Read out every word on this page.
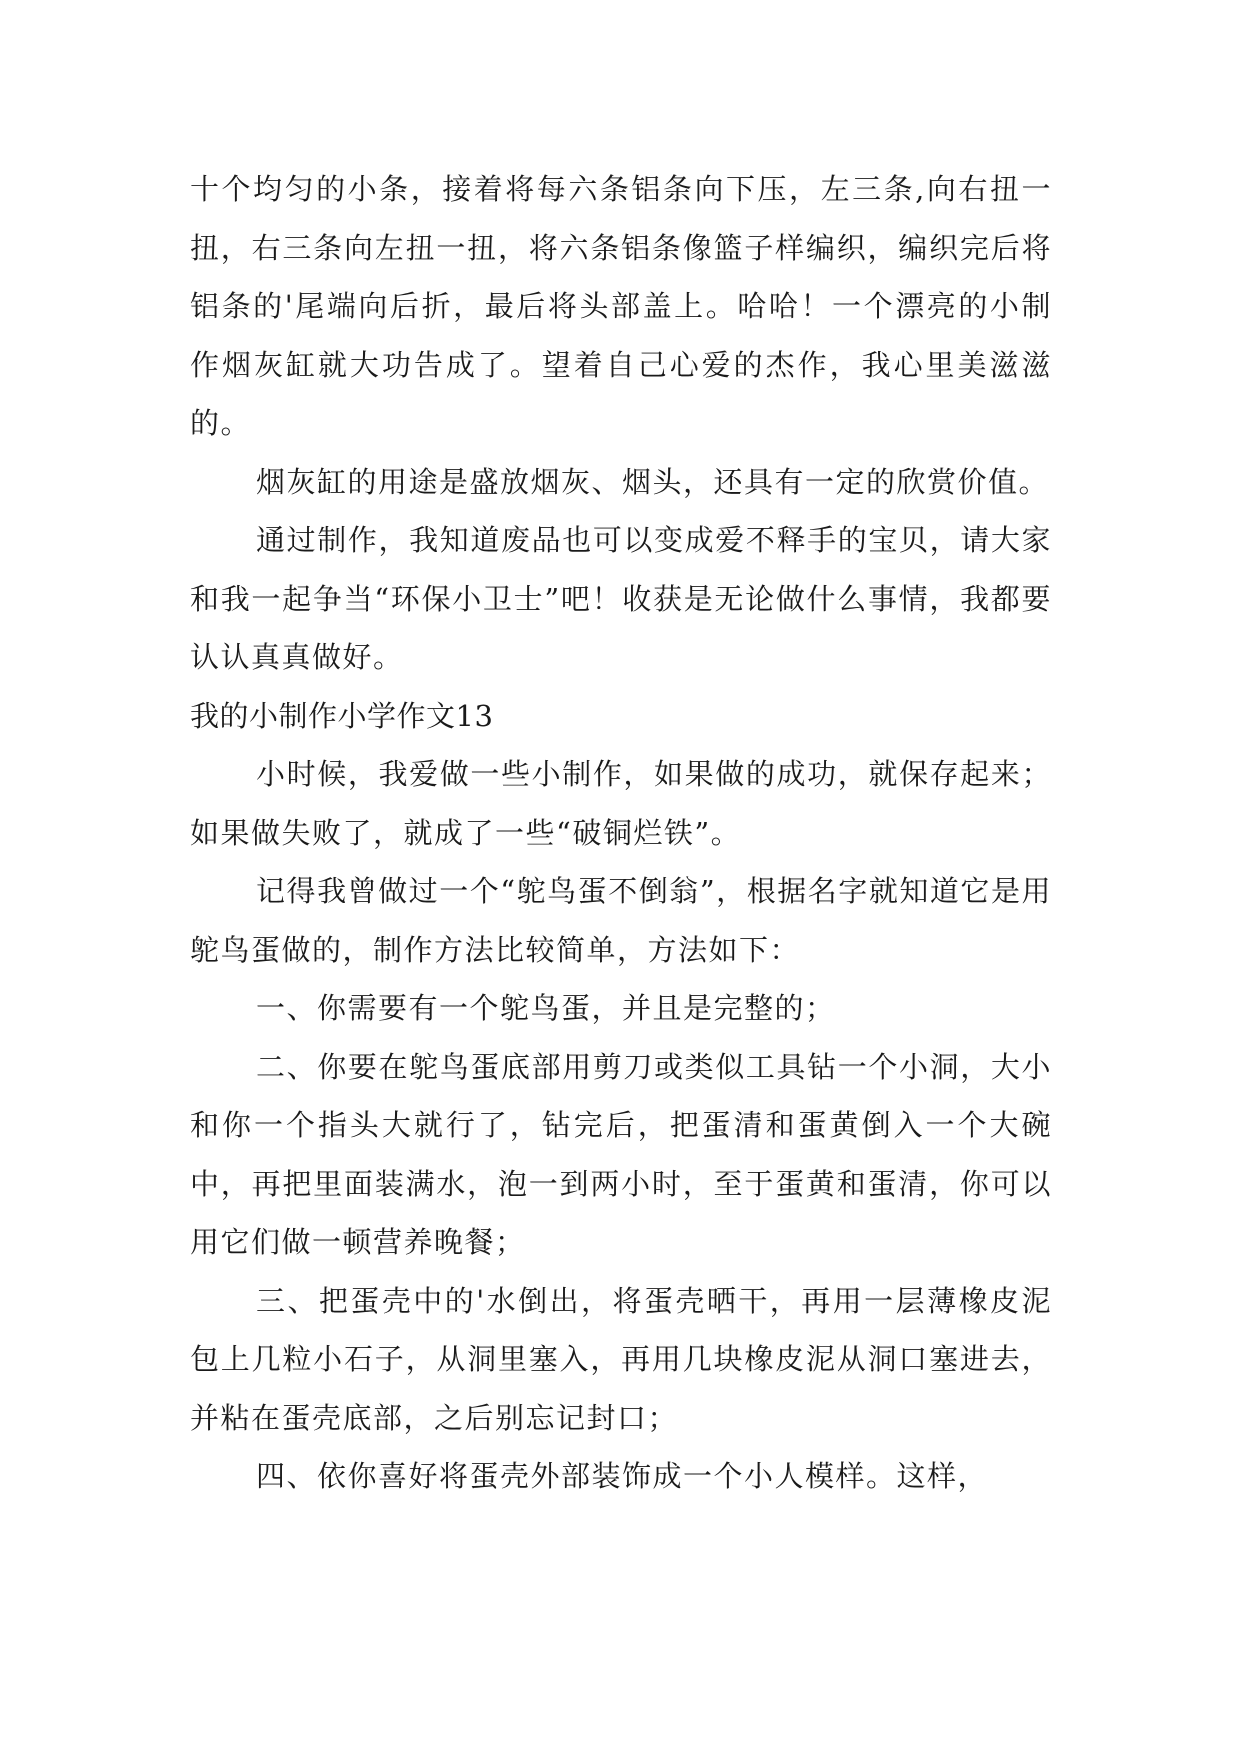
十个均匀的小条，接着将每六条铝条向下压，左三条,向右扭一扭，右三条向左扭一扭，将六条铝条像篮子样编织，编织完后将铝条的'尾端向后折，最后将头部盖上。哈哈！一个漂亮的小制作烟灰缸就大功告成了。望着自己心爱的杰作，我心里美滋滋的。

烟灰缸的用途是盛放烟灰、烟头，还具有一定的欣赏价值。

通过制作，我知道废品也可以变成爱不释手的宝贝，请大家和我一起争当“环保小卫士”吧！收获是无论做什么事情，我都要认认真真做好。

我的小制作小学作文13

小时候，我爱做一些小制作，如果做的成功，就保存起来；如果做失败了，就成了一些“破铜烂铁”。

记得我曾做过一个“鸵鸟蛋不倒翁”，根据名字就知道它是用鸵鸟蛋做的，制作方法比较简单，方法如下：

一、你需要有一个鸵鸟蛋，并且是完整的；

二、你要在鸵鸟蛋底部用剪刀或类似工具钻一个小洞，大小和你一个指头大就行了，钻完后，把蛋清和蛋黄倒入一个大碗中，再把里面装满水，泡一到两小时，至于蛋黄和蛋清，你可以用它们做一顿营养晚餐；

三、把蛋壳中的'水倒出，将蛋壳晒干，再用一层薄橡皮泥包上几粒小石子，从洞里塞入，再用几块橡皮泥从洞口塞进去，并粘在蛋壳底部，之后别忘记封口；

四、依你喜好将蛋壳外部装饰成一个小人模样。这样，
